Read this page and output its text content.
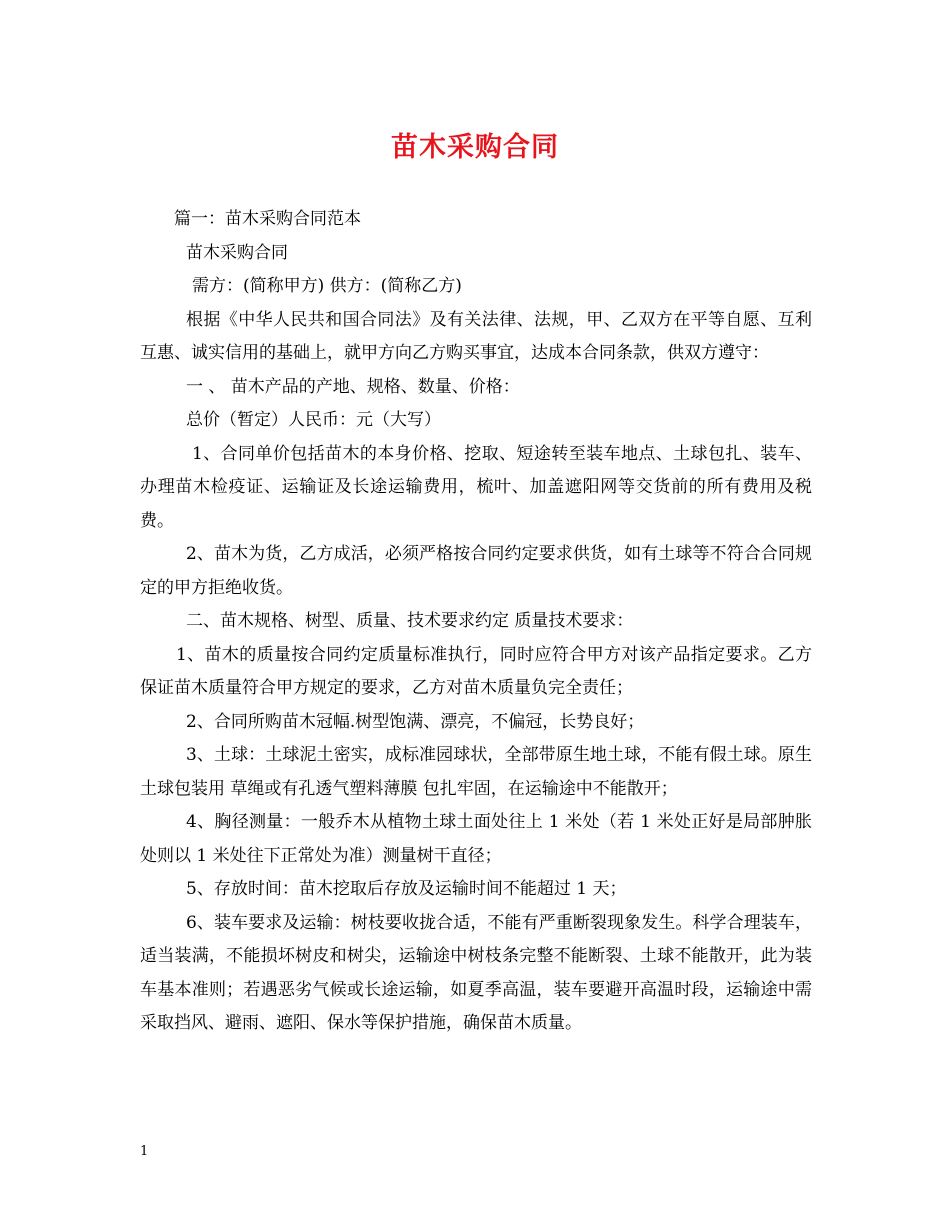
苗木采购合同

篇一：苗木采购合同范本

苗木采购合同

需方：(简称甲方) 供方：(简称乙方)

根据《中华人民共和国合同法》及有关法律、法规，甲、乙双方在平等自愿、互利互惠、诚实信用的基础上，就甲方向乙方购买事宜，达成本合同条款，供双方遵守：

一 、 苗木产品的产地、规格、数量、价格：

总价（暂定）人民币：元（大写）

1、合同单价包括苗木的本身价格、挖取、短途转至装车地点、土球包扎、装车、办理苗木检疫证、运输证及长途运输费用，梳叶、加盖遮阳网等交货前的所有费用及税费。

2、苗木为货，乙方成活，必须严格按合同约定要求供货，如有土球等不符合合同规定的甲方拒绝收货。

二、苗木规格、树型、质量、技术要求约定 质量技术要求：

1、苗木的质量按合同约定质量标准执行，同时应符合甲方对该产品指定要求。乙方保证苗木质量符合甲方规定的要求，乙方对苗木质量负完全责任；

2、合同所购苗木冠幅.树型饱满、漂亮，不偏冠，长势良好；

3、土球：土球泥土密实，成标准园球状，全部带原生地土球，不能有假土球。原生土球包装用 草绳或有孔透气塑料薄膜 包扎牢固，在运输途中不能散开；

4、胸径测量：一般乔木从植物土球土面处往上 1 米处（若 1 米处正好是局部肿胀处则以 1 米处往下正常处为准）测量树干直径；

5、存放时间：苗木挖取后存放及运输时间不能超过 1 天；

6、装车要求及运输：树枝要收拢合适，不能有严重断裂现象发生。科学合理装车，适当装满，不能损坏树皮和树尖，运输途中树枝条完整不能断裂、土球不能散开，此为装车基本准则；若遇恶劣气候或长途运输，如夏季高温，装车要避开高温时段，运输途中需采取挡风、避雨、遮阳、保水等保护措施，确保苗木质量。

1
